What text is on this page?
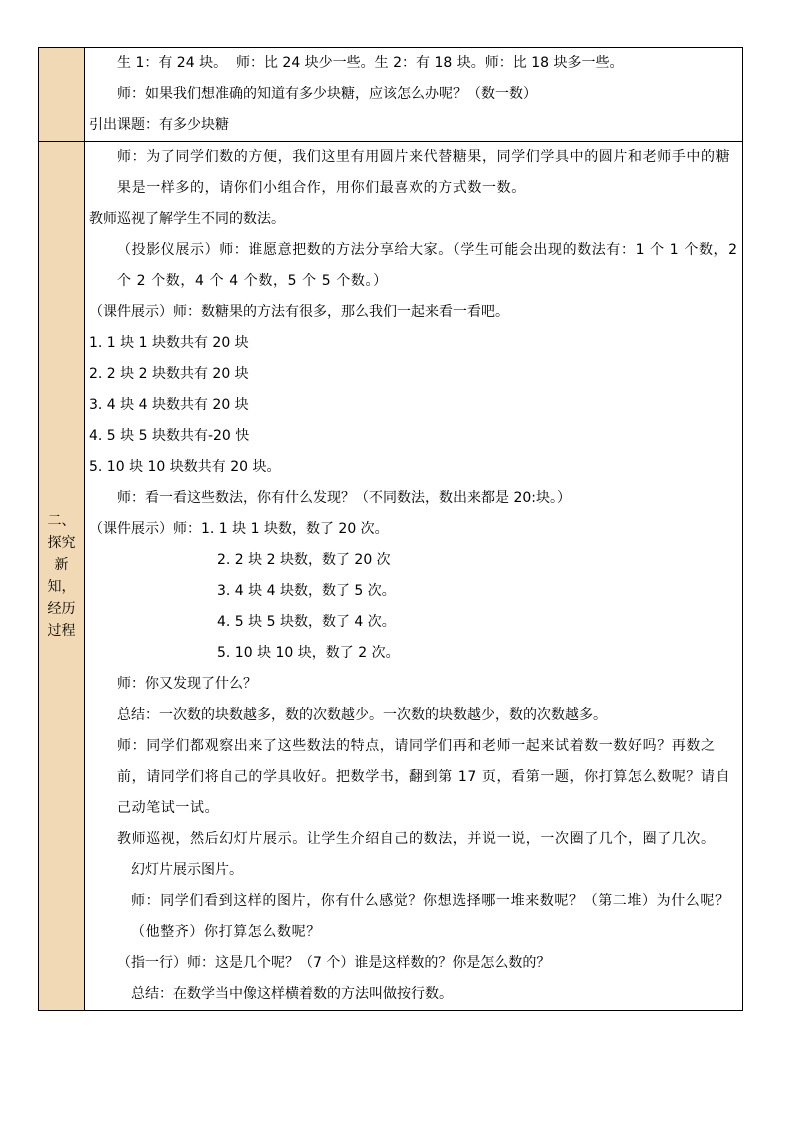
生 1：有 24 块。  师：比 24 块少一些。生 2：有 18 块。师：比 18 块多一些。
师：如果我们想准确的知道有多少块糖，应该怎么办呢？（数一数）
引出课题：有多少块糖
二、
探究
新
知，
经历
过程
师：为了同学们数的方便，我们这里有用圆片来代替糖果，同学们学具中的圆片和老师手中的糖果是一样多的，请你们小组合作，用你们最喜欢的方式数一数。
教师巡视了解学生不同的数法。
（投影仪展示）师：谁愿意把数的方法分享给大家。（学生可能会出现的数法有：1 个 1 个数，2 个 2 个数，4 个 4 个数，5 个 5 个数。）
（课件展示）师：数糖果的方法有很多，那么我们一起来看一看吧。
1. 1 块 1 块数共有 20 块
2. 2 块 2 块数共有 20 块
3. 4 块 4 块数共有 20 块
4. 5 块 5 块数共有-20 快
5. 10 块 10 块数共有 20 块。
师：看一看这些数法，你有什么发现？（不同数法，数出来都是 20:块。）
（课件展示）师：1. 1 块 1 块数，数了 20 次。
2. 2 块 2 块数，数了 20 次
3. 4 块 4 块数，数了 5 次。
4. 5 块 5 块数，数了 4 次。
5. 10 块 10 块，数了 2 次。
师：你又发现了什么？
总结：一次数的块数越多，数的次数越少。一次数的块数越少，数的次数越多。
师：同学们都观察出来了这些数法的特点，请同学们再和老师一起来试着数一数好吗？再数之前，请同学们将自己的学具收好。把数学书，翻到第 17 页，看第一题，你打算怎么数呢？请自己动笔试一试。
教师巡视，然后幻灯片展示。让学生介绍自己的数法，并说一说，一次圈了几个，圈了几次。
幻灯片展示图片。
师：同学们看到这样的图片，你有什么感觉？你想选择哪一堆来数呢？（第二堆）为什么呢？（他整齐）你打算怎么数呢？
（指一行）师：这是几个呢？（7 个）谁是这样数的？你是怎么数的？
总结：在数学当中像这样横着数的方法叫做按行数。
